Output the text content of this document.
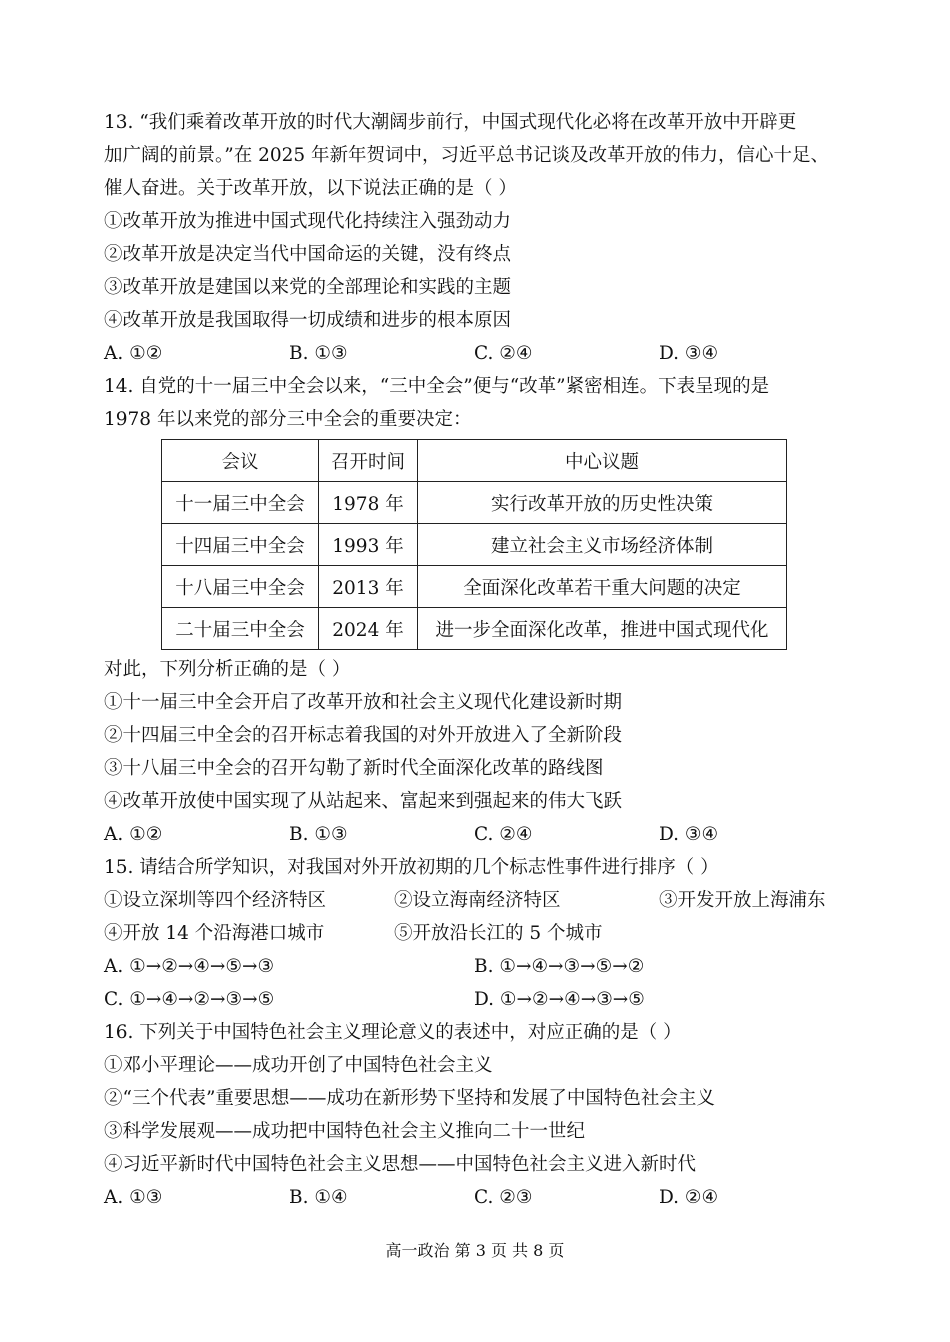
13. “我们乘着改革开放的时代大潮阔步前行，中国式现代化必将在改革开放中开辟更
加广阔的前景。”在 2025 年新年贺词中，习近平总书记谈及改革开放的伟力，信心十足、
催人奋进。关于改革开放，以下说法正确的是（ ）
①改革开放为推进中国式现代化持续注入强劲动力
②改革开放是决定当代中国命运的关键，没有终点
③改革开放是建国以来党的全部理论和实践的主题
④改革开放是我国取得一切成绩和进步的根本原因
A. ①②	B. ①③	C. ②④	D. ③④
14. 自党的十一届三中全会以来，“三中全会”便与“改革”紧密相连。下表呈现的是
1978 年以来党的部分三中全会的重要决定：
会议	召开时间	中心议题
十一届三中全会	1978 年	实行改革开放的历史性决策
十四届三中全会	1993 年	建立社会主义市场经济体制
十八届三中全会	2013 年	全面深化改革若干重大问题的决定
二十届三中全会	2024 年	进一步全面深化改革，推进中国式现代化
对此，下列分析正确的是（ ）
①十一届三中全会开启了改革开放和社会主义现代化建设新时期
②十四届三中全会的召开标志着我国的对外开放进入了全新阶段
③十八届三中全会的召开勾勒了新时代全面深化改革的路线图
④改革开放使中国实现了从站起来、富起来到强起来的伟大飞跃
A. ①②	B. ①③	C. ②④	D. ③④
15. 请结合所学知识，对我国对外开放初期的几个标志性事件进行排序（ ）
①设立深圳等四个经济特区	②设立海南经济特区	③开发开放上海浦东
④开放 14 个沿海港口城市	⑤开放沿长江的 5 个城市
A. ①→②→④→⑤→③	B. ①→④→③→⑤→②
C. ①→④→②→③→⑤	D. ①→②→④→③→⑤
16. 下列关于中国特色社会主义理论意义的表述中，对应正确的是（ ）
①邓小平理论——成功开创了中国特色社会主义
②“三个代表”重要思想——成功在新形势下坚持和发展了中国特色社会主义
③科学发展观——成功把中国特色社会主义推向二十一世纪
④习近平新时代中国特色社会主义思想——中国特色社会主义进入新时代
A. ①③	B. ①④	C. ②③	D. ②④
高一政治 第 3 页 共 8 页
